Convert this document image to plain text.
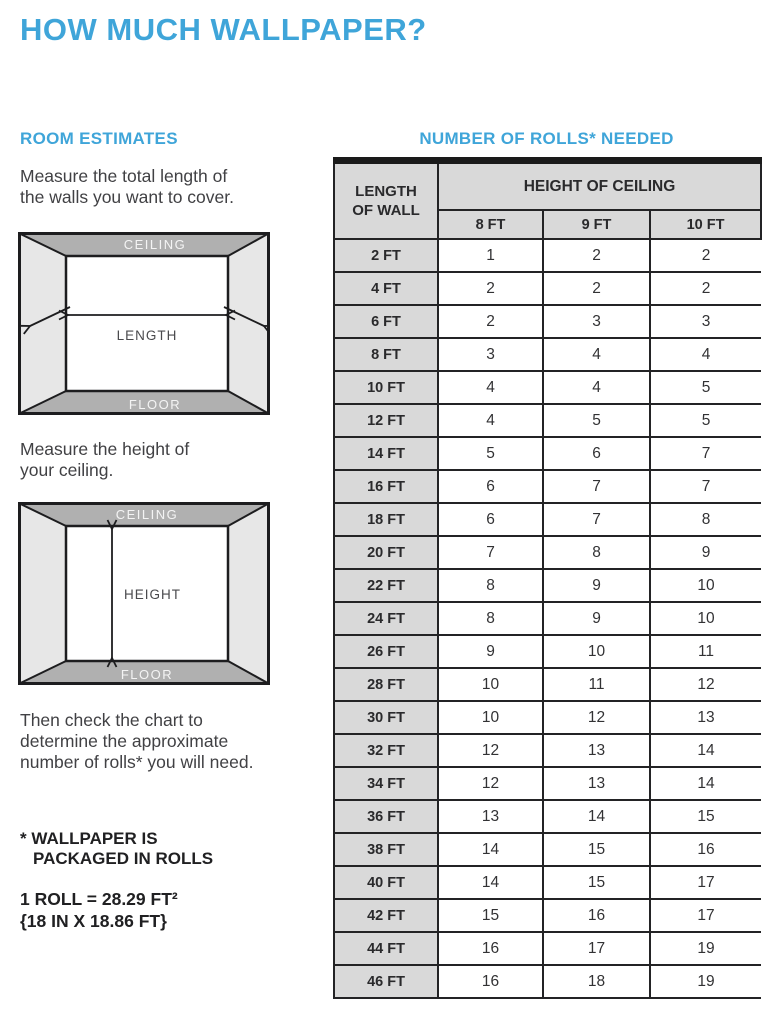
HOW MUCH WALLPAPER?
ROOM ESTIMATES	NUMBER OF ROLLS* NEEDED

Measure the total length of
the walls you want to cover.

CEILING
FLOOR
LENGTH

Measure the height of
your ceiling.

CEILING
FLOOR
HEIGHT

Then check the chart to
determine the approximate
number of rolls* you will need.

* WALLPAPER IS
PACKAGED IN ROLLS

1 ROLL = 28.29 FT²
{18 IN X 18.86 FT}

LENGTH
OF WALL	HEIGHT OF CEILING		
	8 FT	9 FT	10 FT
2 FT	1	2	2
4 FT	2	2	2
6 FT	2	3	3
8 FT	3	4	4
10 FT	4	4	5
12 FT	4	5	5
14 FT	5	6	7
16 FT	6	7	7
18 FT	6	7	8
20 FT	7	8	9
22 FT	8	9	10
24 FT	8	9	10
26 FT	9	10	11
28 FT	10	11	12
30 FT	10	12	13
32 FT	12	13	14
34 FT	12	13	14
36 FT	13	14	15
38 FT	14	15	16
40 FT	14	15	17
42 FT	15	16	17
44 FT	16	17	19
46 FT	16	18	19
